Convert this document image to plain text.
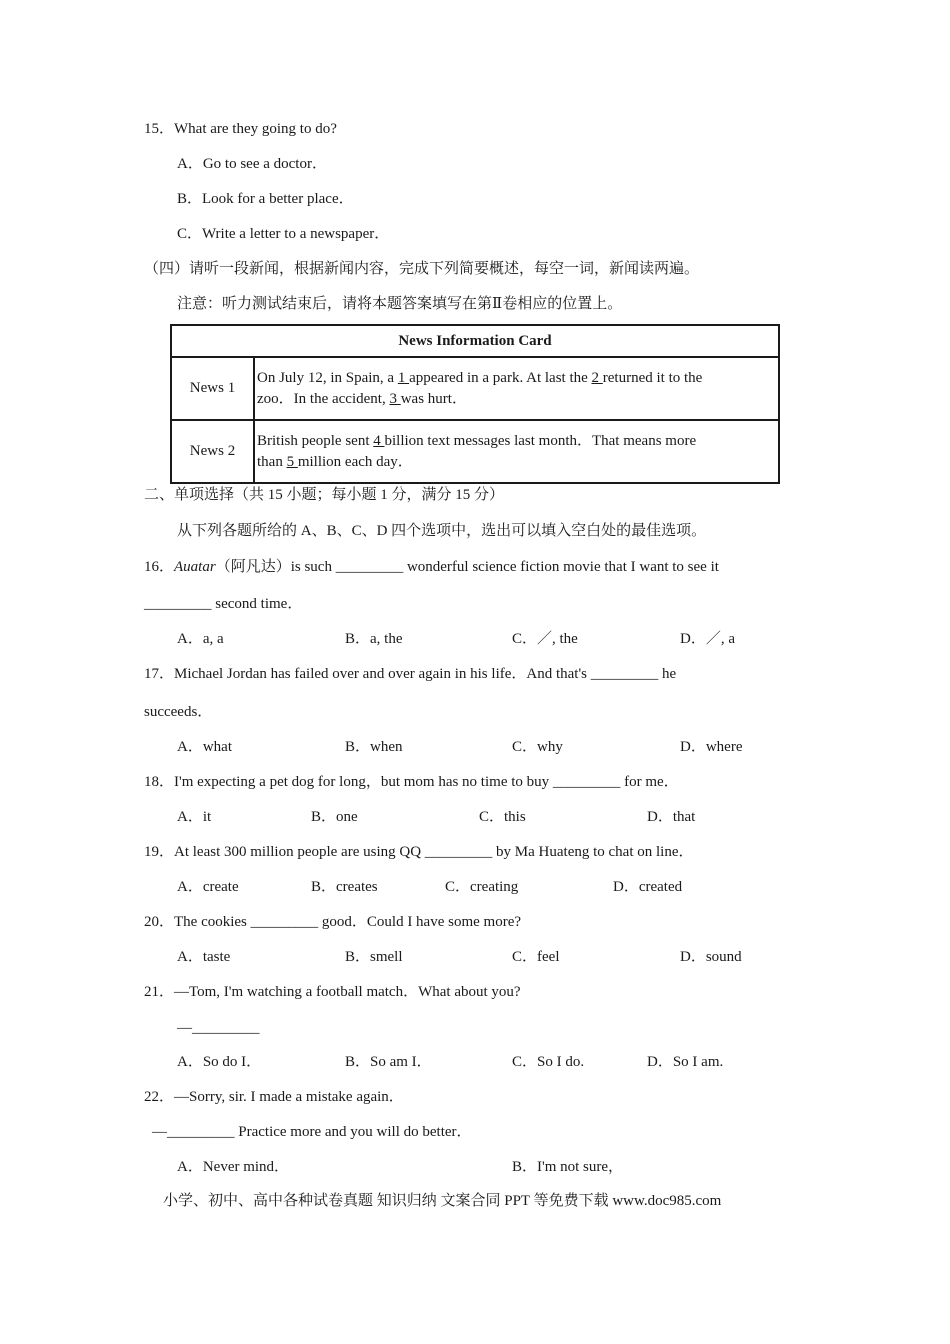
15．What are they going to do?
A．Go to see a doctor．
B．Look for a better place．
C．Write a letter to a newspaper．
（四）请听一段新闻，根据新闻内容，完成下列简要概述，每空一词，新闻读两遍。
注意：听力测试结束后，请将本题答案填写在第Ⅱ卷相应的位置上。
News Information Card	
News 1	On July 12, in Spain, a 1 appeared in a park. At last the 2 returned it to the
zoo．In the accident, 3 was hurt．

News 2	British people sent 4 billion text messages last month．That means more
than 5 million each day．
二、单项选择（共 15 小题；每小题 1 分，满分 15 分）
从下列各题所给的 A、B、C、D 四个选项中，选出可以填入空白处的最佳选项。
16．Auatar（阿凡达）is such _________ wonderful science fiction movie that I want to see it
_________ second time．
A．a, a	B．a, the	C．／, the	D．／, a
17．Michael Jordan has failed over and over again in his life．And that's _________ he
succeeds．
A．what	B．when	C．why	D．where
18．I'm expecting a pet dog for long，but mom has no time to buy _________ for me．
A．it	B．one	C．this	D．that
19．At least 300 million people are using QQ _________ by Ma Huateng to chat on line．
A．create	B．creates	C．creating	D．created
20．The cookies _________ good．Could I have some more?
A．taste	B．smell	C．feel	D．sound
21．—Tom, I'm watching a football match．What about you?
—_________
A．So do I．	B．So am I．	C．So I do.	D．So I am.
22．—Sorry, sir. I made a mistake again．
—_________ Practice more and you will do better．
A．Never mind．	B．I'm not sure，
小学、初中、高中各种试卷真题 知识归纳 文案合同 PPT 等免费下载 www.doc985.com
